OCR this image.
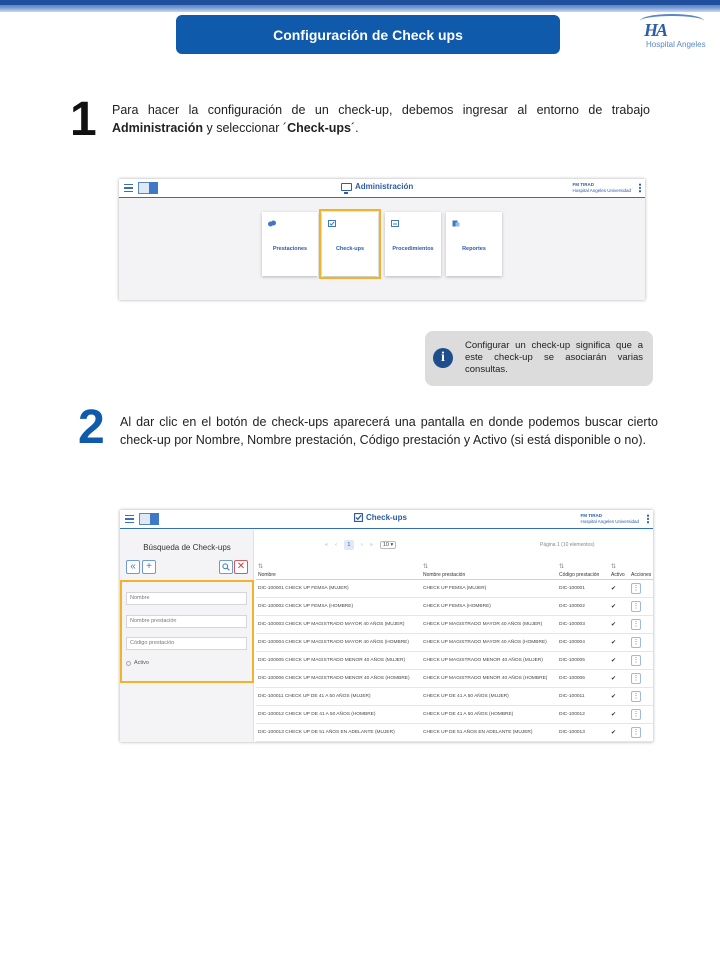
Configuración de Check ups	HA
Hospital Angeles
1 Para hacer la configuración de un check-up, debemos ingresar al entorno de trabajo Administración y seleccionar ´Check-ups´.
Administración	FM TIRAD
Hospital Angeles Universidad
Prestaciones	Check-ups	Procedimientos	Reportes
i
Configurar un check-up significa que a este check-up se asociarán varias consultas.
2 Al dar clic en el botón de check-ups aparecerá una pantalla en donde podemos buscar cierto check-up por Nombre, Nombre prestación, Código prestación y Activo (si está disponible o no).
Check-ups	FM TIRAD
Hospital Angeles Universidad
Búsqueda de Check-ups
«	+	✕
Nombre
Nombre prestación
Código prestación
Activo
« ‹	1	› »	10 ▾	Página 1 (10 elementos)
⇅
Nombre	⇅
Nombre prestación	⇅
Código prestación	⇅
Activo	Acciones
DIC-100001 CHECK UP FEMSA (MUJER)	CHECK UP FEMSA (MUJER)	DIC-100001	✔	⋮
DIC-100002 CHECK UP FEMSA (HOMBRE)	CHECK UP FEMSA (HOMBRE)	DIC-100002	✔	⋮
DIC-100003 CHECK UP MAGISTRADO MAYOR 40 AÑOS (MUJER)	CHECK UP MAGISTRADO MAYOR 40 AÑOS (MUJER)	DIC-100003	✔	⋮
DIC-100004 CHECK UP MAGISTRADO MAYOR 40 AÑOS (HOMBRE)	CHECK UP MAGISTRADO MAYOR 40 AÑOS (HOMBRE)	DIC-100004	✔	⋮
DIC-100005 CHECK UP MAGISTRADO MENOR 40 AÑOS (MUJER)	CHECK UP MAGISTRADO MENOR 40 AÑOS (MUJER)	DIC-100005	✔	⋮
DIC-100006 CHECK UP MAGISTRADO MENOR 40 AÑOS (HOMBRE)	CHECK UP MAGISTRADO MENOR 40 AÑOS (HOMBRE)	DIC-100006	✔	⋮
DIC-100011 CHECK UP DE 41 A 50 AÑOS (MUJER)	CHECK UP DE 41 A 50 AÑOS (MUJER)	DIC-100011	✔	⋮
DIC-100012 CHECK UP DE 41 A 50 AÑOS (HOMBRE)	CHECK UP DE 41 A 50 AÑOS (HOMBRE)	DIC-100012	✔	⋮
DIC-100013 CHECK UP DE 51 AÑOS EN ADELANTE (MUJER)	CHECK UP DE 51 AÑOS EN ADELANTE (MUJER)	DIC-100013	✔	⋮
